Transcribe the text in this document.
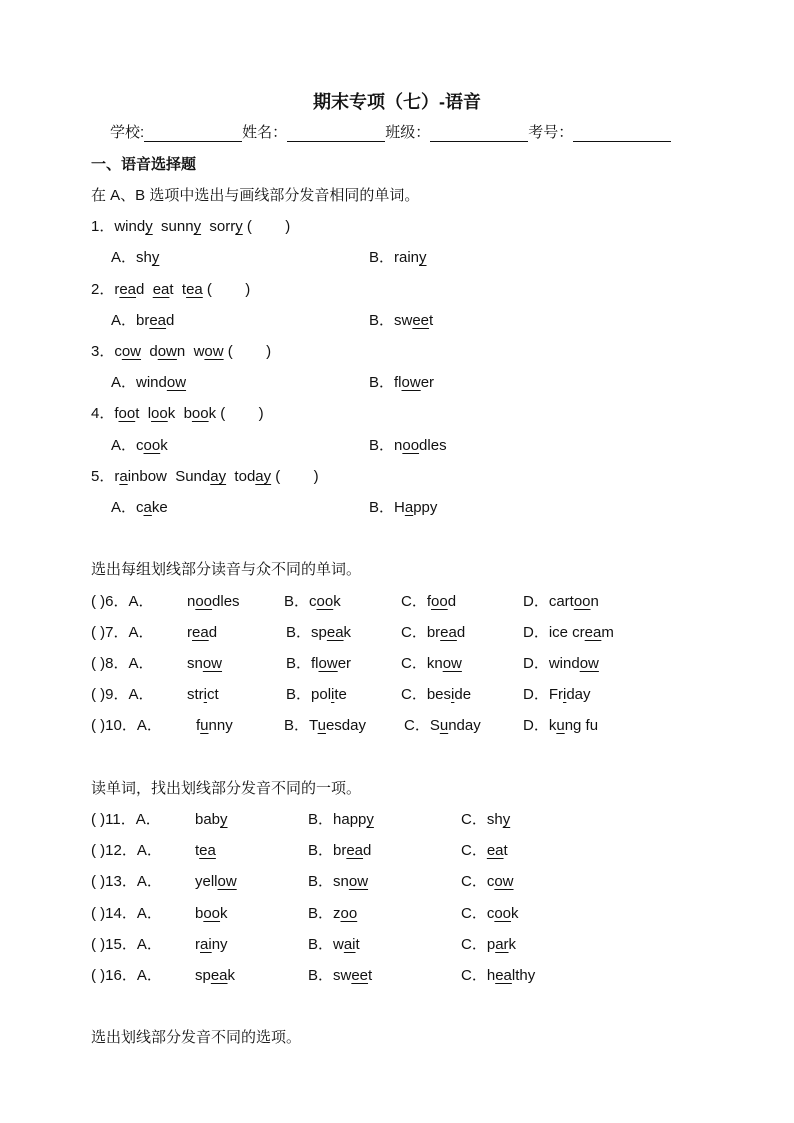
期末专项（七）-语音
学校:	姓名：	班级：	考号：
一、语音选择题
在 A、B 选项中选出与画线部分发音相同的单词。
1．windy  sunny  sorry (        )
A．shy	B．rainy
2．read  eat  tea (        )
A．bread	B．sweet
3．cow  down  wow (        )
A．window	B．flower
4．foot  look  book (        )
A．cook	B．noodles
5．rainbow  Sunday  today (        )
A．cake	B．Happy
选出每组划线部分读音与众不同的单词。
( )6．A． noodles	B．cook	C．food	D．cartoon
( )7．A． read	B．speak	C．bread	D．ice cream
( )8．A． snow	B．flower	C．know	D．window
( )9．A． strict	B．polite	C．beside	D．Friday
( )10．A． funny	B．Tuesday	C．Sunday	D．kung fu
读单词，找出划线部分发音不同的一项。
( )11．A． baby	B．happy	C．shy
( )12．A． tea	B．bread	C．eat
( )13．A． yellow	B．snow	C．cow
( )14．A． book	B．zoo	C．cook
( )15．A． rainy	B．wait	C．park
( )16．A． speak	B．sweet	C．healthy
选出划线部分发音不同的选项。
